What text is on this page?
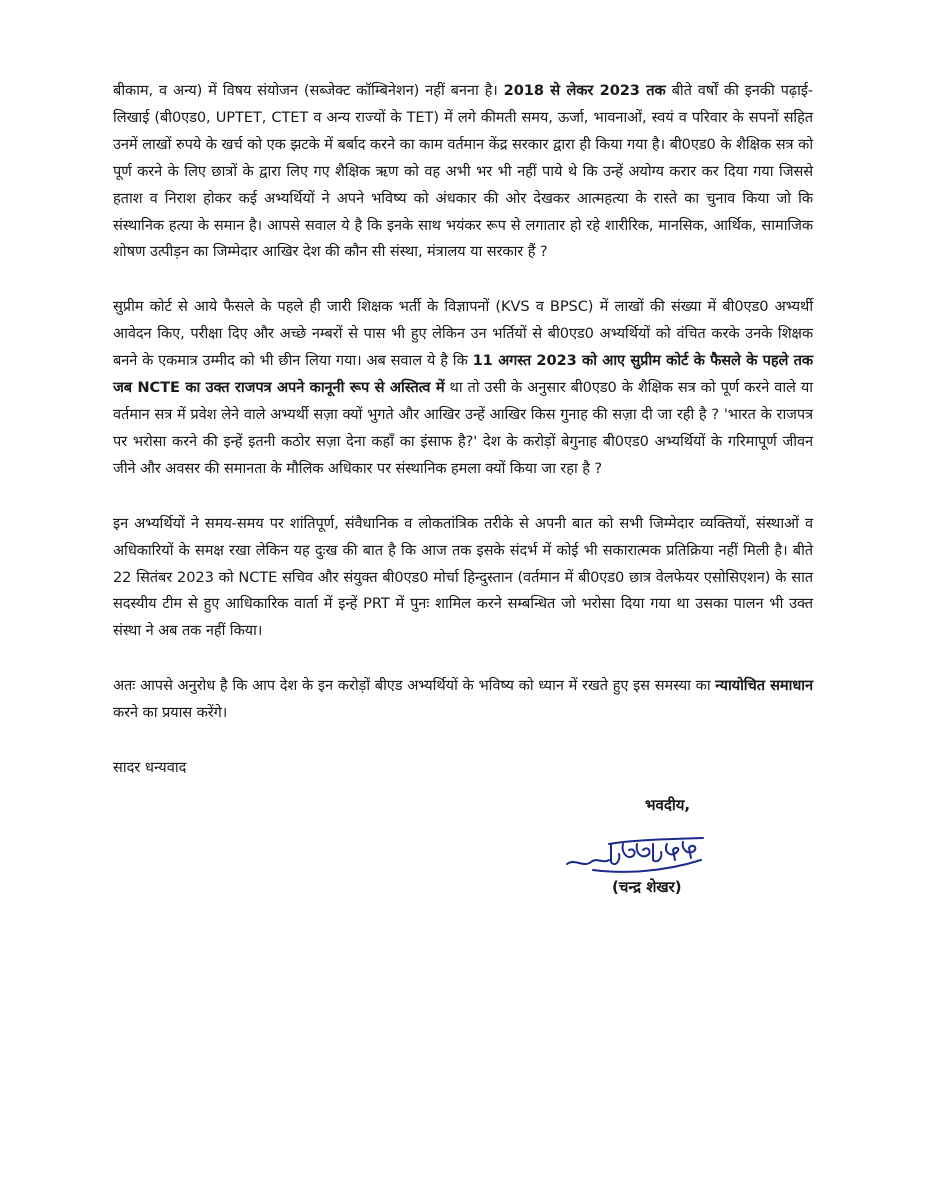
बीकाम, व अन्य) में विषय संयोजन (सब्जेक्ट कॉम्बिनेशन) नहीं बनना है। 2018 से लेकर 2023 तक बीते वर्षों की इनकी पढ़ाई-लिखाई (बी0एड0, UPTET, CTET व अन्य राज्यों के TET) में लगे कीमती समय, ऊर्जा, भावनाओं, स्वयं व परिवार के सपनों सहित उनमें लाखों रुपये के खर्च को एक झटके में बर्बाद करने का काम वर्तमान केंद्र सरकार द्वारा ही किया गया है। बी0एड0 के शैक्षिक सत्र को पूर्ण करने के लिए छात्रों के द्वारा लिए गए शैक्षिक ऋण को वह अभी भर भी नहीं पाये थे कि उन्हें अयोग्य करार कर दिया गया जिससे हताश व निराश होकर कई अभ्यर्थियों ने अपने भविष्य को अंधकार की ओर देखकर आत्महत्या के रास्ते का चुनाव किया जो कि संस्थानिक हत्या के समान है। आपसे सवाल ये है कि इनके साथ भयंकर रूप से लगातार हो रहे शारीरिक, मानसिक, आर्थिक, सामाजिक शोषण उत्पीड़न का जिम्मेदार आखिर देश की कौन सी संस्था, मंत्रालय या सरकार हैं ?

सुप्रीम कोर्ट से आये फैसले के पहले ही जारी शिक्षक भर्ती के विज्ञापनों (KVS व BPSC) में लाखों की संख्या में बी0एड0 अभ्यर्थी आवेदन किए, परीक्षा दिए और अच्छे नम्बरों से पास भी हुए लेकिन उन भर्तियों से बी0एड0 अभ्यर्थियों को वंचित करके उनके शिक्षक बनने के एकमात्र उम्मीद को भी छीन लिया गया। अब सवाल ये है कि 11 अगस्त 2023 को आए सुप्रीम कोर्ट के फैसले के पहले तक जब NCTE का उक्त राजपत्र अपने कानूनी रूप से अस्तित्व में था तो उसी के अनुसार बी0एड0 के शैक्षिक सत्र को पूर्ण करने वाले या वर्तमान सत्र में प्रवेश लेने वाले अभ्यर्थी सज़ा क्यों भुगते और आखिर उन्हें आखिर किस गुनाह की सज़ा दी जा रही है ? 'भारत के राजपत्र पर भरोसा करने की इन्हें इतनी कठोर सज़ा देना कहाँ का इंसाफ है?' देश के करोड़ों बेगुनाह बी0एड0 अभ्यर्थियों के गरिमापूर्ण जीवन जीने और अवसर की समानता के मौलिक अधिकार पर संस्थानिक हमला क्यों किया जा रहा है ?

इन अभ्यर्थियों ने समय-समय पर शांतिपूर्ण, संवैधानिक व लोकतांत्रिक तरीके से अपनी बात को सभी जिम्मेदार व्यक्तियों, संस्थाओं व अधिकारियों के समक्ष रखा लेकिन यह दुःख की बात है कि आज तक इसके संदर्भ में कोई भी सकारात्मक प्रतिक्रिया नहीं मिली है। बीते 22 सितंबर 2023 को NCTE सचिव और संयुक्त बी0एड0 मोर्चा हिन्दुस्तान (वर्तमान में बी0एड0 छात्र वेलफेयर एसोसिएशन) के सात सदस्यीय टीम से हुए आधिकारिक वार्ता में इन्हें PRT में पुनः शामिल करने सम्बन्धित जो भरोसा दिया गया था उसका पालन भी उक्त संस्था ने अब तक नहीं किया।

अतः आपसे अनुरोध है कि आप देश के इन करोड़ों बीएड अभ्यर्थियों के भविष्य को ध्यान में रखते हुए इस समस्या का न्यायोचित समाधान करने का प्रयास करेंगे।

सादर धन्यवाद

भवदीय,
(चन्द्र शेखर)
